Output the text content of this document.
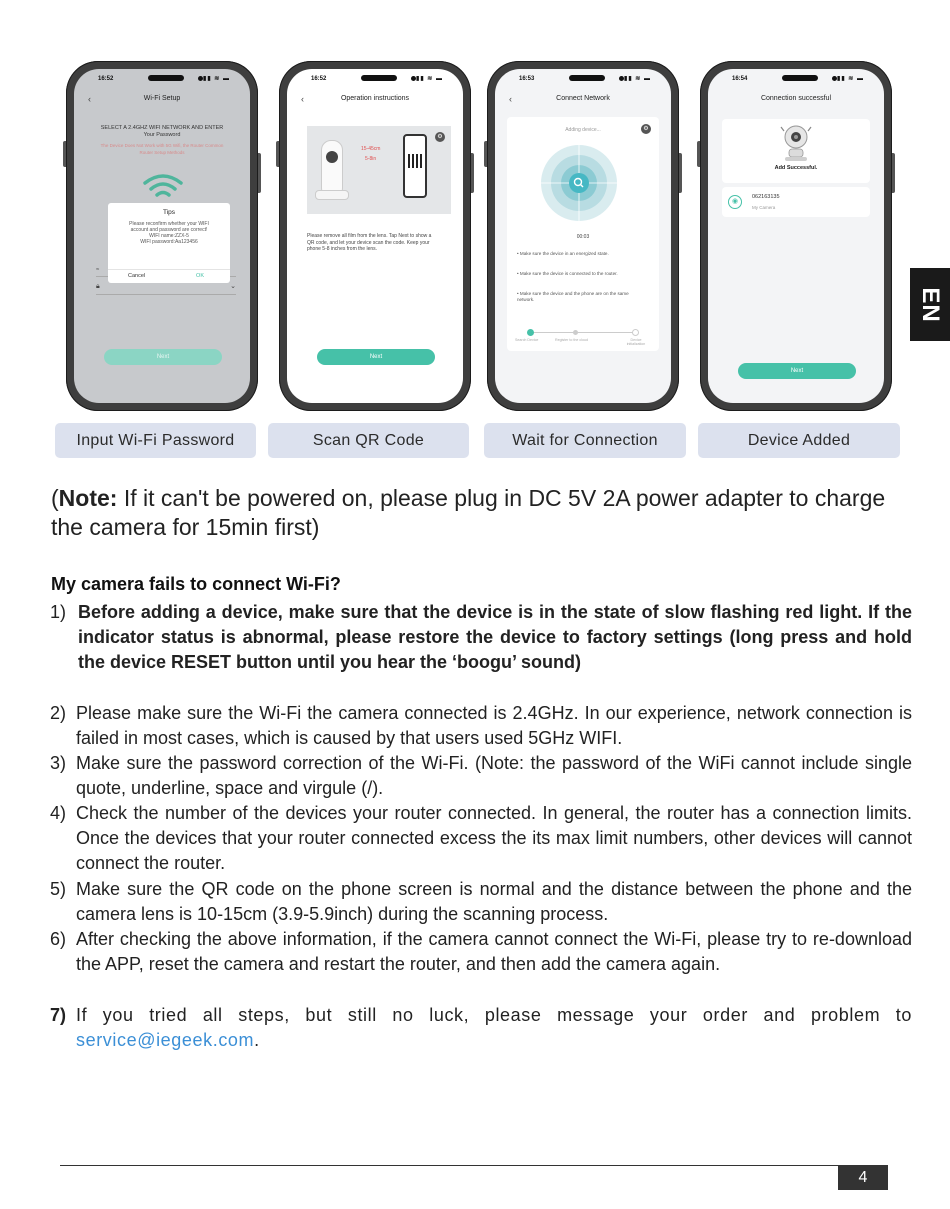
16:52	▮▮ ≋ ▬
‹	Wi-Fi Setup
SELECT A 2.4GHZ WIFI NETWORK AND ENTER Your Password
The Device Does Not Work with 5G Wifi, the Router Common Router Setup Methods
≈
🔒︎	⌄
Tips
Please reconfirm whether your WIFI account and password are correct!
WIFI name:ZZX-5
WIFI password:Aa123456
Cancel	OK
Next
16:52	▮▮ ≋ ▬
‹	Operation instructions
15-45cm
5-8in
⚙
Please remove all film from the lens. Tap Next to show a QR code, and let your device scan the code. Keep your phone 5-8 inches from the lens.
Next
16:53	▮▮ ≋ ▬
‹	Connect Network
Adding device...	⚙
00:03
• Make sure the device in an energized state.
• Make sure the device is connected to the router.
• Make sure the device and the phone are on the same network.
Search Device	Register to the cloud	Device initialization
16:54	▮▮ ≋ ▬
Connection successful
Add Successful.
◉
062163135
My Camera
Next
Input Wi-Fi Password	Scan QR Code	Wait for Connection	Device Added
EN
(Note: If it can't be powered on, please plug in DC 5V 2A power adapter to charge the camera for 15min first)
My camera fails to connect Wi-Fi?
1) Before adding a device, make sure that the device is in the state of slow flashing red light. If the indicator status is abnormal, please restore the device to factory settings (long press and hold the device RESET button until you hear the ‘boogu’ sound)
2) Please make sure the Wi-Fi the camera connected is 2.4GHz. In our experience, network connection is failed in most cases, which is caused by that users used 5GHz WIFI.
3) Make sure the password correction of the Wi-Fi. (Note: the password of the WiFi cannot include single quote, underline, space and virgule (/).
4) Check the number of the devices your router connected. In general, the router has a connection limits. Once the devices that your router connected excess the its max limit numbers, other devices will cannot connect the router.
5) Make sure the QR code on the phone screen is normal and the distance between the phone and the camera lens is 10-15cm (3.9-5.9inch) during the scanning process.
6) After checking the above information, if the camera cannot connect the Wi-Fi, please try to re-download the APP, reset the camera and restart the router, and then add the camera again.
7) If you tried all steps, but still no luck, please message your order and problem to service@iegeek.com.
4
